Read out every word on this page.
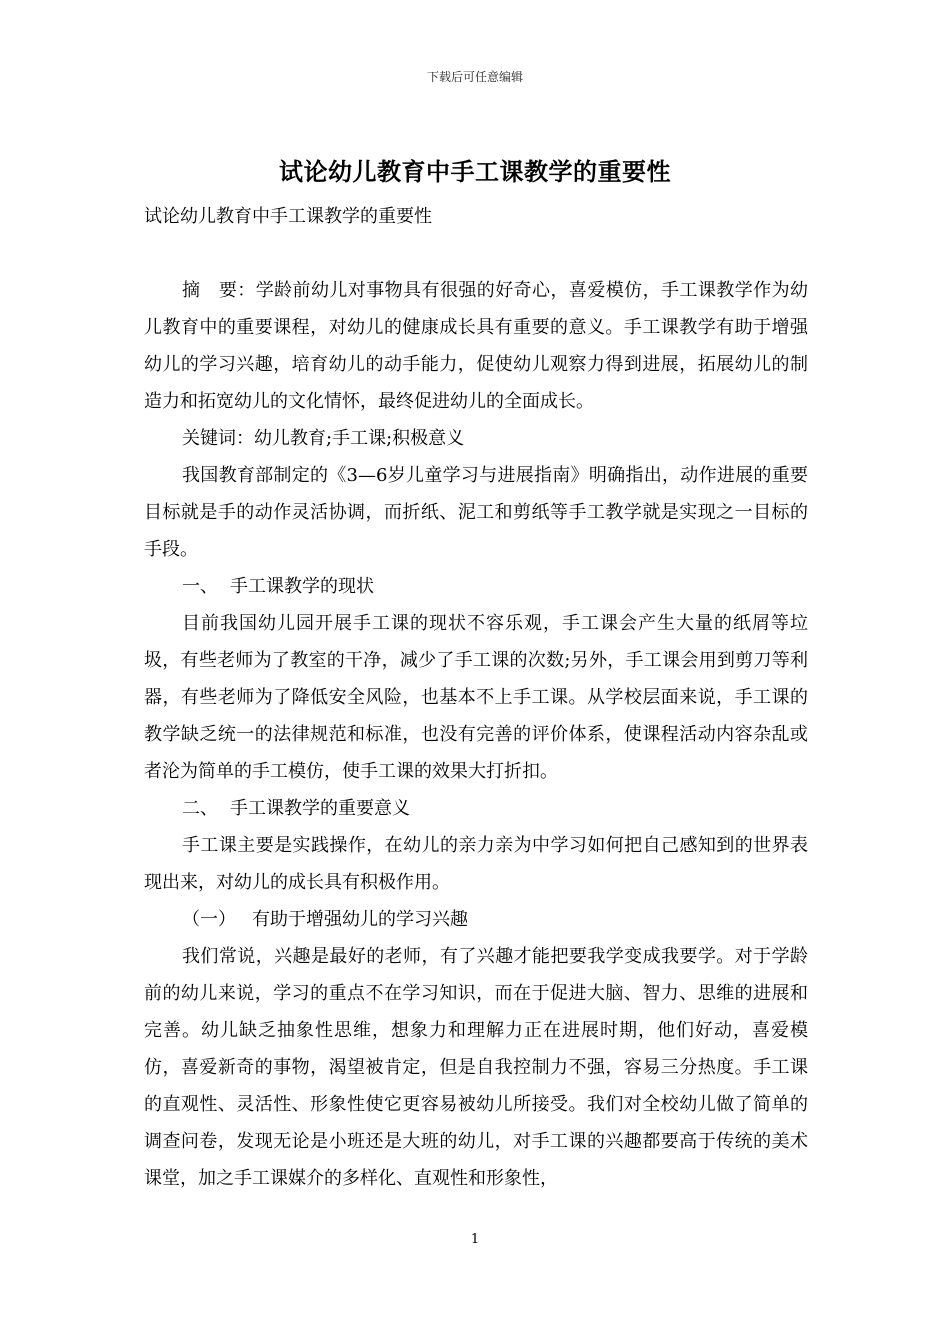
下载后可任意编辑
试论幼儿教育中手工课教学的重要性

试论幼儿教育中手工课教学的重要性

摘　要：学龄前幼儿对事物具有很强的好奇心，喜爱模仿，手工课教学作为幼儿教育中的重要课程，对幼儿的健康成长具有重要的意义。手工课教学有助于增强幼儿的学习兴趣，培育幼儿的动手能力，促使幼儿观察力得到进展，拓展幼儿的制造力和拓宽幼儿的文化情怀，最终促进幼儿的全面成长。

关键词：幼儿教育;手工课;积极意义

我国教育部制定的《3—6岁儿童学习与进展指南》明确指出，动作进展的重要目标就是手的动作灵活协调，而折纸、泥工和剪纸等手工教学就是实现之一目标的手段。

一、 手工课教学的现状

目前我国幼儿园开展手工课的现状不容乐观，手工课会产生大量的纸屑等垃圾，有些老师为了教室的干净，减少了手工课的次数;另外，手工课会用到剪刀等利器，有些老师为了降低安全风险，也基本不上手工课。从学校层面来说，手工课的教学缺乏统一的法律规范和标准，也没有完善的评价体系，使课程活动内容杂乱或者沦为简单的手工模仿，使手工课的效果大打折扣。

二、 手工课教学的重要意义

手工课主要是实践操作，在幼儿的亲力亲为中学习如何把自己感知到的世界表现出来，对幼儿的成长具有积极作用。

（一） 有助于增强幼儿的学习兴趣

我们常说，兴趣是最好的老师，有了兴趣才能把要我学变成我要学。对于学龄前的幼儿来说，学习的重点不在学习知识，而在于促进大脑、智力、思维的进展和完善。幼儿缺乏抽象性思维，想象力和理解力正在进展时期，他们好动，喜爱模仿，喜爱新奇的事物，渴望被肯定，但是自我控制力不强，容易三分热度。手工课的直观性、灵活性、形象性使它更容易被幼儿所接受。我们对全校幼儿做了简单的调查问卷，发现无论是小班还是大班的幼儿，对手工课的兴趣都要高于传统的美术课堂，加之手工课媒介的多样化、直观性和形象性，

1
